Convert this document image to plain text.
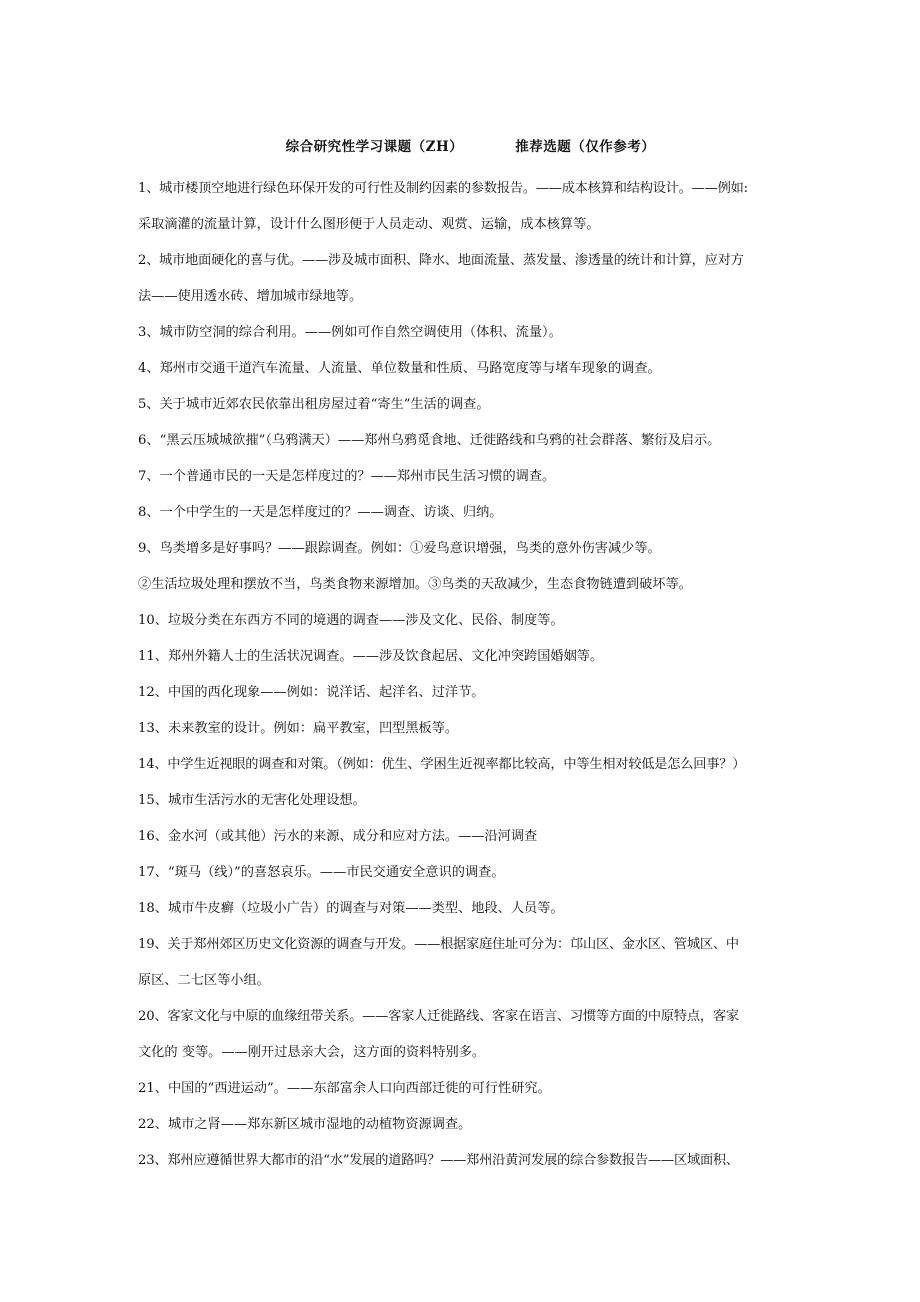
综合研究性学习课题（ZH）	推荐选题（仅作参考）

1、城市楼顶空地进行绿色环保开发的可行性及制约因素的参数报告。——成本核算和结构设计。——例如:
采取滴灌的流量计算，设计什么图形便于人员走动、观赏、运输，成本核算等。
2、城市地面硬化的喜与优。——涉及城市面积、降水、地面流量、蒸发量、渗透量的统计和计算，应对方
法——使用透水砖、增加城市绿地等。
3、城市防空洞的综合利用。——例如可作自然空调使用（体积、流量）。
4、郑州市交通干道汽车流量、人流量、单位数量和性质、马路宽度等与堵车现象的调查。
5、关于城市近郊农民依靠出租房屋过着“寄生”生活的调查。
6、“黑云压城城欲摧”（乌鸦满天）——郑州乌鸦觅食地、迁徙路线和乌鸦的社会群落、繁衍及启示。
7、一个普通市民的一天是怎样度过的？——郑州市民生活习惯的调查。
8、一个中学生的一天是怎样度过的？——调查、访谈、归纳。
9、鸟类增多是好事吗？——跟踪调查。例如：①爱鸟意识增强，鸟类的意外伤害减少等。
②生活垃圾处理和摆放不当，鸟类食物来源增加。③鸟类的天敌减少，生态食物链遭到破坏等。
10、垃圾分类在东西方不同的境遇的调查——涉及文化、民俗、制度等。
11、郑州外籍人士的生活状况调查。——涉及饮食起居、文化冲突跨国婚姻等。
12、中国的西化现象——例如：说洋话、起洋名、过洋节。
13、未来教室的设计。例如：扁平教室，凹型黑板等。
14、中学生近视眼的调查和对策。（例如：优生、学困生近视率都比较高，中等生相对较低是怎么回事？）
15、城市生活污水的无害化处理设想。
16、金水河（或其他）污水的来源、成分和应对方法。——沿河调查
17、“斑马（线）”的喜怒哀乐。——市民交通安全意识的调查。
18、城市牛皮癣（垃圾小广告）的调查与对策——类型、地段、人员等。
19、关于郑州郊区历史文化资源的调查与开发。——根据家庭住址可分为：邙山区、金水区、管城区、中
原区、二七区等小组。
20、客家文化与中原的血缘纽带关系。——客家人迁徙路线、客家在语言、习惯等方面的中原特点，客家
文化的 变等。——刚开过恳亲大会，这方面的资料特别多。
21、中国的“西进运动”。——东部富余人口向西部迁徙的可行性研究。
22、城市之肾——郑东新区城市湿地的动植物资源调查。
23、郑州应遵循世界大都市的沿“水”发展的道路吗？——郑州沿黄河发展的综合参数报告——区域面积、
